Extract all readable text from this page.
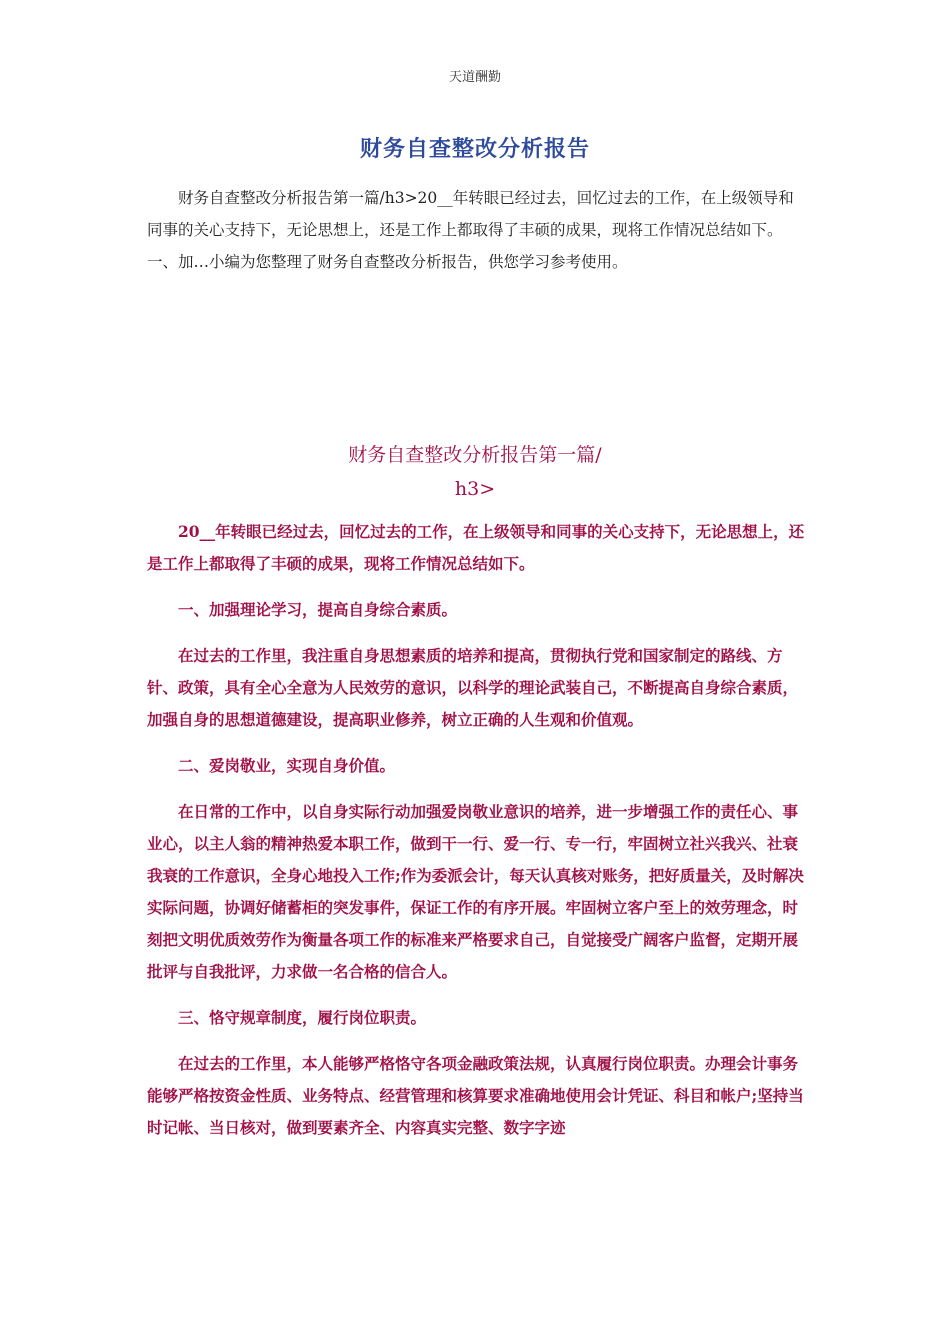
天道酬勤
财务自查整改分析报告

财务自查整改分析报告第一篇/h3>20__年转眼已经过去，回忆过去的工作，在上级领导和同事的关心支持下，无论思想上，还是工作上都取得了丰硕的成果，现将工作情况总结如下。一、加…小编为您整理了财务自查整改分析报告，供您学习参考使用。

财务自查整改分析报告第一篇/
h3>

20__年转眼已经过去，回忆过去的工作，在上级领导和同事的关心支持下，无论思想上，还是工作上都取得了丰硕的成果，现将工作情况总结如下。

一、加强理论学习，提高自身综合素质。

在过去的工作里，我注重自身思想素质的培养和提高，贯彻执行党和国家制定的路线、方针、政策，具有全心全意为人民效劳的意识，以科学的理论武装自己，不断提高自身综合素质，加强自身的思想道德建设，提高职业修养，树立正确的人生观和价值观。

二、爱岗敬业，实现自身价值。

在日常的工作中，以自身实际行动加强爱岗敬业意识的培养，进一步增强工作的责任心、事业心，以主人翁的精神热爱本职工作，做到干一行、爱一行、专一行，牢固树立社兴我兴、社衰我衰的工作意识，全身心地投入工作;作为委派会计，每天认真核对账务，把好质量关，及时解决实际问题，协调好储蓄柜的突发事件，保证工作的有序开展。牢固树立客户至上的效劳理念，时刻把文明优质效劳作为衡量各项工作的标准来严格要求自己，自觉接受广阔客户监督，定期开展批评与自我批评，力求做一名合格的信合人。

三、恪守规章制度，履行岗位职责。

在过去的工作里，本人能够严格恪守各项金融政策法规，认真履行岗位职责。办理会计事务能够严格按资金性质、业务特点、经营管理和核算要求准确地使用会计凭证、科目和帐户;坚持当时记帐、当日核对，做到要素齐全、内容真实完整、数字字迹
